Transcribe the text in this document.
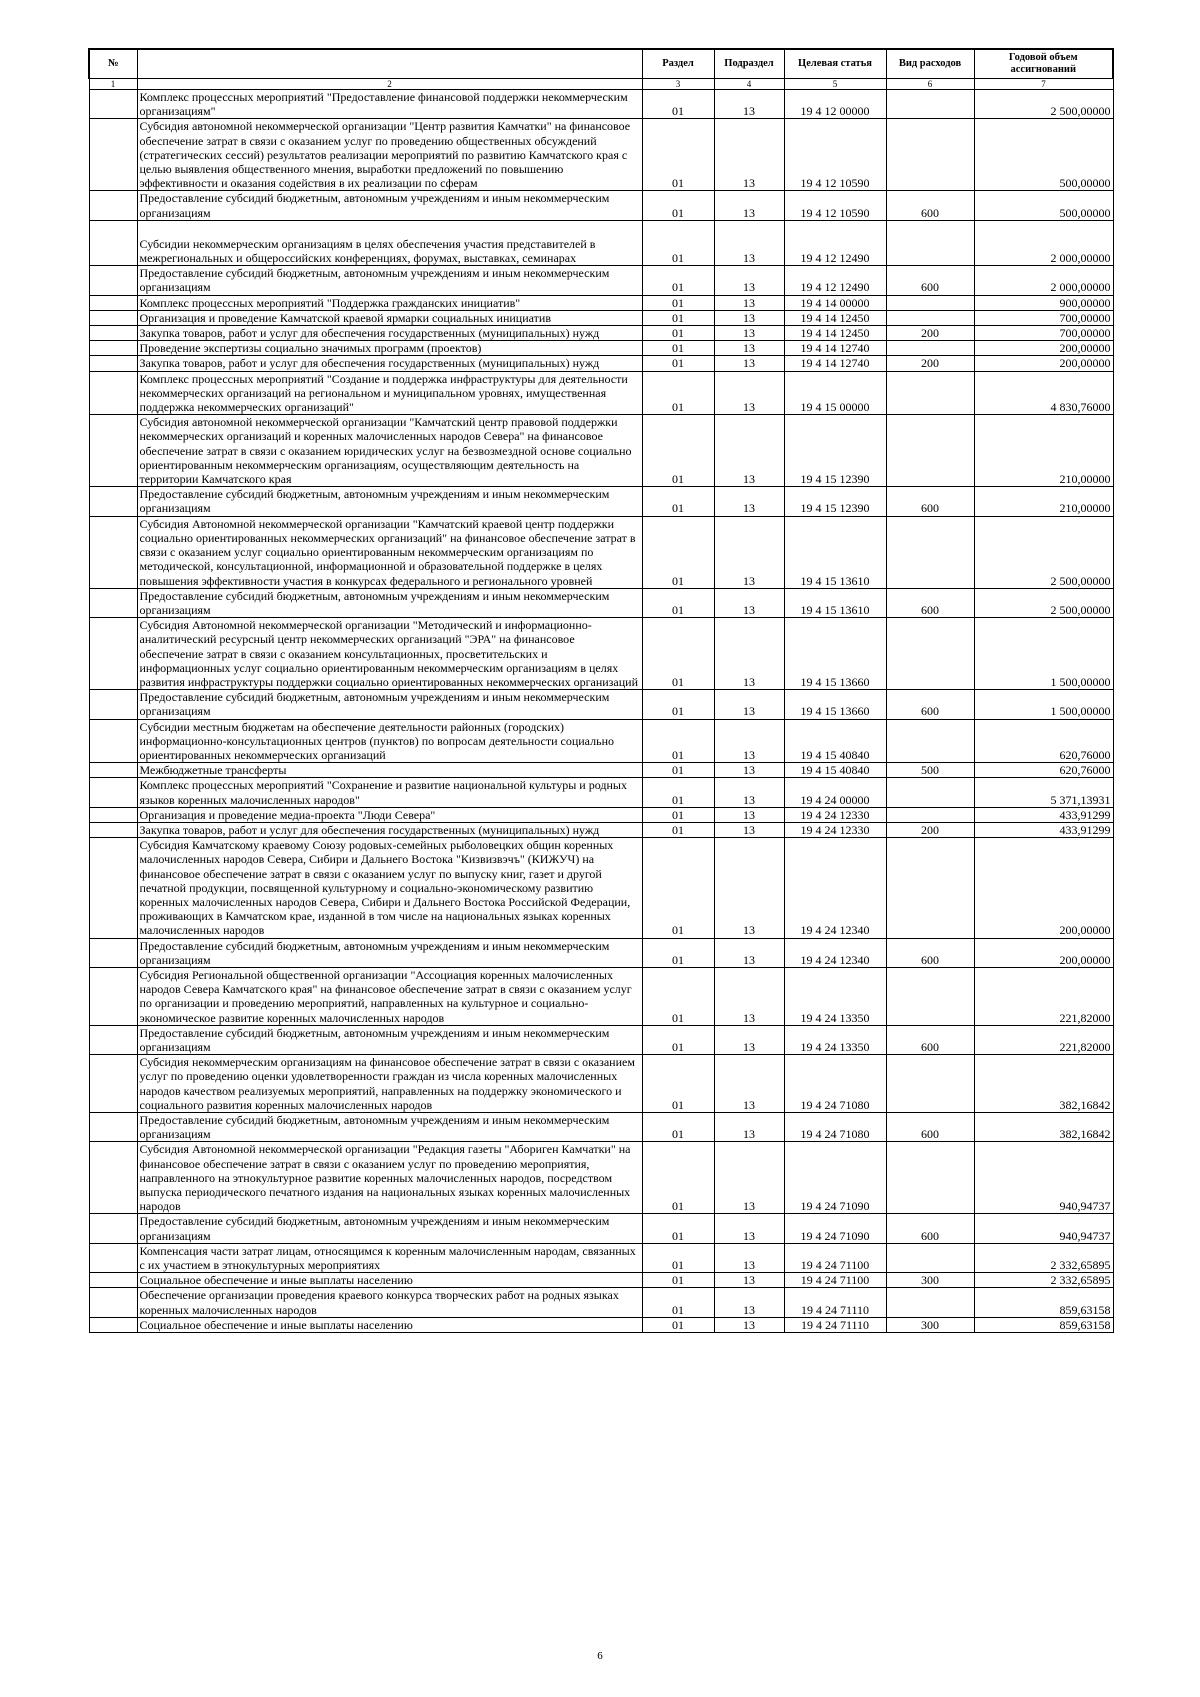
№		Раздел	Подраздел	Целевая статья	Вид расходов	Годовой объем ассигнований
1	2	3	4	5	6	7
	Комплекс процессных мероприятий "Предоставление финансовой поддержки некоммерческим организациям"	01	13	19 4 12 00000		2 500,00000
	Субсидия автономной некоммерческой организации "Центр развития Камчатки" на финансовое обеспечение затрат в связи с оказанием услуг по проведению общественных обсуждений (стратегических сессий) результатов реализации мероприятий по развитию Камчатского края с целью выявления общественного мнения, выработки предложений по повышению эффективности и оказания содействия в их реализации по сферам	01	13	19 4 12 10590		500,00000
	Предоставление субсидий бюджетным, автономным учреждениям и иным некоммерческим организациям	01	13	19 4 12 10590	600	500,00000
	Субсидии некоммерческим организациям в целях обеспечения участия представителей в межрегиональных и общероссийских конференциях, форумах, выставках, семинарах	01	13	19 4 12 12490		2 000,00000
	Предоставление субсидий бюджетным, автономным учреждениям и иным некоммерческим организациям	01	13	19 4 12 12490	600	2 000,00000
	Комплекс процессных мероприятий "Поддержка гражданских инициатив"	01	13	19 4 14 00000		900,00000
	Организация и проведение Камчатской краевой ярмарки социальных инициатив	01	13	19 4 14 12450		700,00000
	Закупка товаров, работ и услуг для обеспечения государственных (муниципальных) нужд	01	13	19 4 14 12450	200	700,00000
	Проведение экспертизы социально значимых программ (проектов)	01	13	19 4 14 12740		200,00000
	Закупка товаров, работ и услуг для обеспечения государственных (муниципальных) нужд	01	13	19 4 14 12740	200	200,00000
	Комплекс процессных мероприятий "Создание и поддержка инфраструктуры для деятельности некоммерческих организаций на региональном и муниципальном уровнях, имущественная поддержка некоммерческих организаций"	01	13	19 4 15 00000		4 830,76000
	Субсидия автономной некоммерческой организации "Камчатский центр правовой поддержки некоммерческих организаций и коренных малочисленных народов Севера" на финансовое обеспечение затрат в связи с оказанием юридических услуг на безвозмездной основе социально ориентированным некоммерческим организациям, осуществляющим деятельность на территории Камчатского края	01	13	19 4 15 12390		210,00000
	Предоставление субсидий бюджетным, автономным учреждениям и иным некоммерческим организациям	01	13	19 4 15 12390	600	210,00000
	Субсидия Автономной некоммерческой организации "Камчатский краевой центр поддержки социально ориентированных некоммерческих организаций" на финансовое обеспечение затрат в связи с оказанием услуг социально ориентированным некоммерческим организациям по методической, консультационной, информационной и образовательной поддержке в целях повышения эффективности участия в конкурсах федерального и регионального уровней	01	13	19 4 15 13610		2 500,00000
	Предоставление субсидий бюджетным, автономным учреждениям и иным некоммерческим организациям	01	13	19 4 15 13610	600	2 500,00000
	Субсидия Автономной некоммерческой организации "Методический и информационно-аналитический ресурсный центр некоммерческих организаций "ЭРА" на финансовое обеспечение затрат в связи с оказанием консультационных, просветительских и информационных услуг социально ориентированным некоммерческим организациям в целях развития инфраструктуры поддержки социально ориентированных некоммерческих организаций	01	13	19 4 15 13660		1 500,00000
	Предоставление субсидий бюджетным, автономным учреждениям и иным некоммерческим организациям	01	13	19 4 15 13660	600	1 500,00000
	Субсидии местным бюджетам на обеспечение деятельности районных (городских) информационно-консультационных центров (пунктов) по вопросам деятельности социально ориентированных некоммерческих организаций	01	13	19 4 15 40840		620,76000
	Межбюджетные трансферты	01	13	19 4 15 40840	500	620,76000
	Комплекс процессных мероприятий "Сохранение и развитие национальной культуры и родных языков коренных малочисленных народов"	01	13	19 4 24 00000		5 371,13931
	Организация и проведение медиа-проекта "Люди Севера"	01	13	19 4 24 12330		433,91299
	Закупка товаров, работ и услуг для обеспечения государственных (муниципальных) нужд	01	13	19 4 24 12330	200	433,91299
	Субсидия Камчатскому краевому Союзу родовых-семейных рыболовецких общин коренных малочисленных народов Севера, Сибири и Дальнего Востока "Кизвизвэчъ" (КИЖУЧ) на финансовое обеспечение затрат в связи с оказанием услуг по выпуску книг, газет и другой печатной продукции, посвященной культурному и социально-экономическому развитию коренных малочисленных народов Севера, Сибири и Дальнего Востока Российской Федерации, проживающих в Камчатском крае, изданной в том числе на национальных языках коренных малочисленных народов	01	13	19 4 24 12340		200,00000
	Предоставление субсидий бюджетным, автономным учреждениям и иным некоммерческим организациям	01	13	19 4 24 12340	600	200,00000
	Субсидия Региональной общественной организации "Ассоциация коренных малочисленных народов Севера Камчатского края" на финансовое обеспечение затрат в связи с оказанием услуг по организации и проведению мероприятий, направленных на культурное и социально-экономическое развитие коренных малочисленных народов	01	13	19 4 24 13350		221,82000
	Предоставление субсидий бюджетным, автономным учреждениям и иным некоммерческим организациям	01	13	19 4 24 13350	600	221,82000
	Субсидия некоммерческим организациям на финансовое обеспечение затрат в связи с оказанием услуг по проведению оценки удовлетворенности граждан из числа коренных малочисленных народов качеством реализуемых мероприятий, направленных на поддержку экономического и социального развития коренных малочисленных народов	01	13	19 4 24 71080		382,16842
	Предоставление субсидий бюджетным, автономным учреждениям и иным некоммерческим организациям	01	13	19 4 24 71080	600	382,16842
	Субсидия Автономной некоммерческой организации "Редакция газеты "Абориген Камчатки" на финансовое обеспечение затрат в связи с оказанием услуг по проведению мероприятия, направленного на этнокультурное развитие коренных малочисленных народов, посредством выпуска периодического печатного издания на национальных языках коренных малочисленных народов	01	13	19 4 24 71090		940,94737
	Предоставление субсидий бюджетным, автономным учреждениям и иным некоммерческим организациям	01	13	19 4 24 71090	600	940,94737
	Компенсация части затрат лицам, относящимся к коренным малочисленным народам, связанных с их участием в этнокультурных мероприятиях	01	13	19 4 24 71100		2 332,65895
	Социальное обеспечение и иные выплаты населению	01	13	19 4 24 71100	300	2 332,65895
	Обеспечение организации проведения краевого конкурса творческих работ на родных языках коренных малочисленных народов	01	13	19 4 24 71110		859,63158
	Социальное обеспечение и иные выплаты населению	01	13	19 4 24 71110	300	859,63158
6
